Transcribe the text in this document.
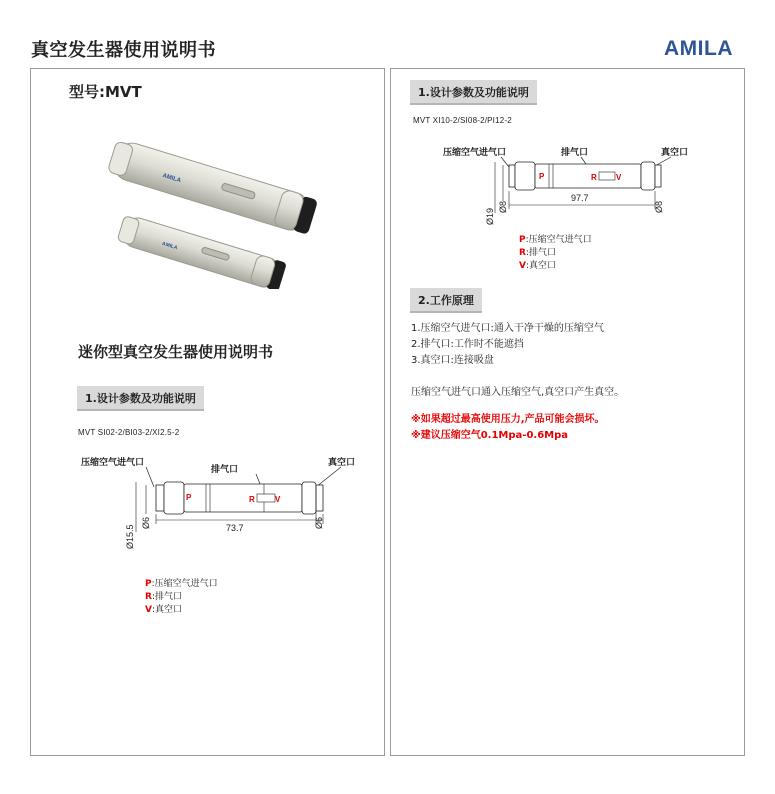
真空发生器使用说明书	AMILA
型号:MVT
AMILA
AMILA
迷你型真空发生器使用说明书
1.设计参数及功能说明
MVT SI02-2/BI03-2/XI2.5-2
压缩空气进气口
排气口
真空口
P	R	V
73.7
Ø15.5
Ø6	Ø6
P:压缩空气进气口
R:排气口
V:真空口
1.设计参数及功能说明
MVT XI10-2/SI08-2/PI12-2
压缩空气进气口	排气口	真空口
P	R V
97.7
Ø19
Ø8	Ø8
P:压缩空气进气口
R:排气口
V:真空口
2.工作原理
1.压缩空气进气口:通入干净干燥的压缩空气
2.排气口:工作时不能遮挡
3.真空口:连接吸盘
压缩空气进气口通入压缩空气,真空口产生真空。
※如果超过最高使用压力,产品可能会损坏。
※建议压缩空气0.1Mpa-0.6Mpa
